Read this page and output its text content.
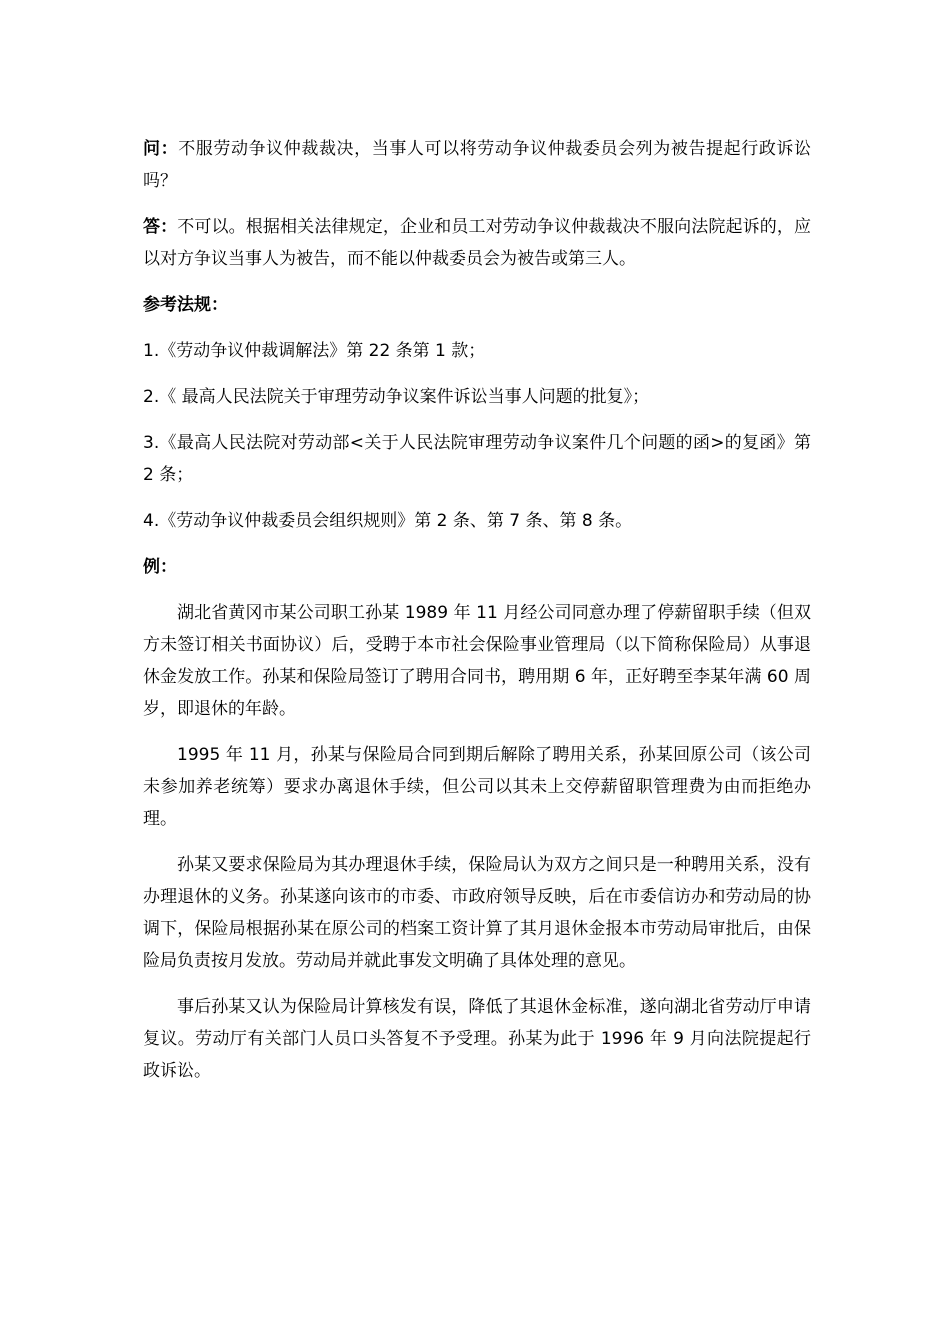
问：不服劳动争议仲裁裁决，当事人可以将劳动争议仲裁委员会列为被告提起行政诉讼吗？

答：不可以。根据相关法律规定，企业和员工对劳动争议仲裁裁决不服向法院起诉的，应以对方争议当事人为被告，而不能以仲裁委员会为被告或第三人。

参考法规：

1.《劳动争议仲裁调解法》第 22 条第 1 款；

2.《 最高人民法院关于审理劳动争议案件诉讼当事人问题的批复》；

3.《最高人民法院对劳动部<关于人民法院审理劳动争议案件几个问题的函>的复函》第 2 条；

4.《劳动争议仲裁委员会组织规则》第 2 条、第 7 条、第 8 条。

例：

湖北省黄冈市某公司职工孙某 1989 年 11 月经公司同意办理了停薪留职手续（但双方未签订相关书面协议）后，受聘于本市社会保险事业管理局（以下简称保险局）从事退休金发放工作。孙某和保险局签订了聘用合同书，聘用期 6 年，正好聘至李某年满 60 周岁，即退休的年龄。

1995 年 11 月，孙某与保险局合同到期后解除了聘用关系，孙某回原公司（该公司未参加养老统筹）要求办离退休手续，但公司以其未上交停薪留职管理费为由而拒绝办理。

孙某又要求保险局为其办理退休手续，保险局认为双方之间只是一种聘用关系，没有办理退休的义务。孙某遂向该市的市委、市政府领导反映，后在市委信访办和劳动局的协调下，保险局根据孙某在原公司的档案工资计算了其月退休金报本市劳动局审批后，由保险局负责按月发放。劳动局并就此事发文明确了具体处理的意见。

事后孙某又认为保险局计算核发有误，降低了其退休金标准，遂向湖北省劳动厅申请复议。劳动厅有关部门人员口头答复不予受理。孙某为此于 1996 年 9 月向法院提起行政诉讼。
